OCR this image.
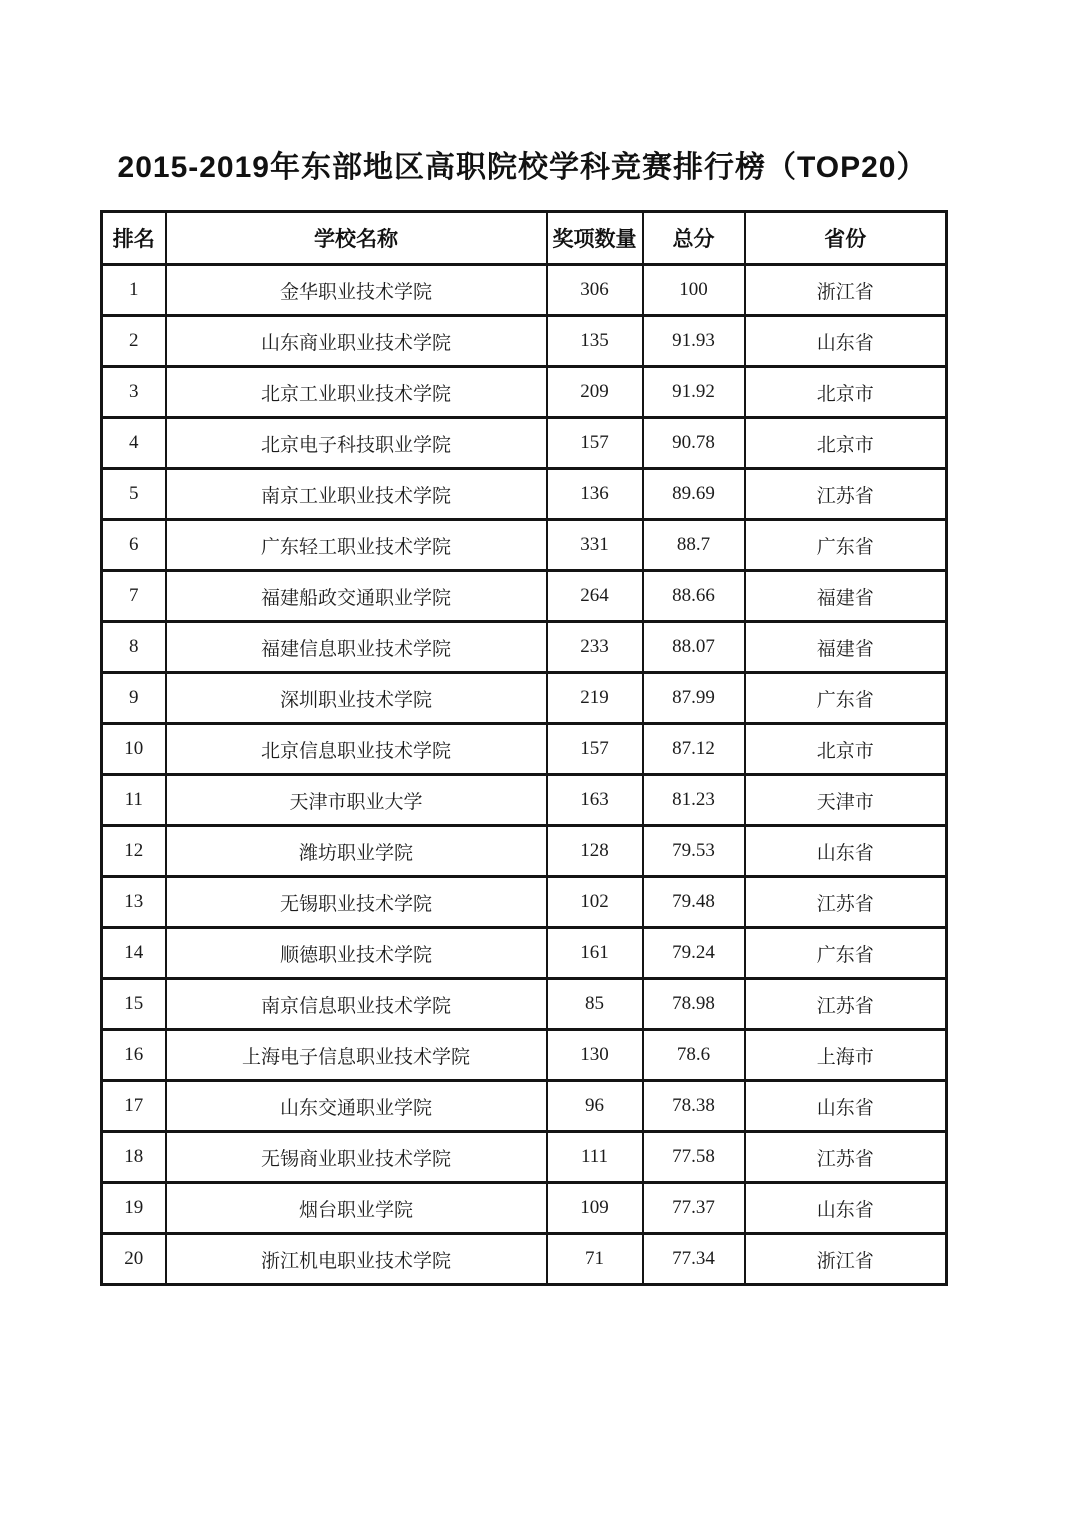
2015-2019年东部地区高职院校学科竞赛排行榜（TOP20）
排名	学校名称	奖项数量	总分	省份
1	金华职业技术学院	306	100	浙江省
2	山东商业职业技术学院	135	91.93	山东省
3	北京工业职业技术学院	209	91.92	北京市
4	北京电子科技职业学院	157	90.78	北京市
5	南京工业职业技术学院	136	89.69	江苏省
6	广东轻工职业技术学院	331	88.7	广东省
7	福建船政交通职业学院	264	88.66	福建省
8	福建信息职业技术学院	233	88.07	福建省
9	深圳职业技术学院	219	87.99	广东省
10	北京信息职业技术学院	157	87.12	北京市
11	天津市职业大学	163	81.23	天津市
12	潍坊职业学院	128	79.53	山东省
13	无锡职业技术学院	102	79.48	江苏省
14	顺德职业技术学院	161	79.24	广东省
15	南京信息职业技术学院	85	78.98	江苏省
16	上海电子信息职业技术学院	130	78.6	上海市
17	山东交通职业学院	96	78.38	山东省
18	无锡商业职业技术学院	111	77.58	江苏省
19	烟台职业学院	109	77.37	山东省
20	浙江机电职业技术学院	71	77.34	浙江省
